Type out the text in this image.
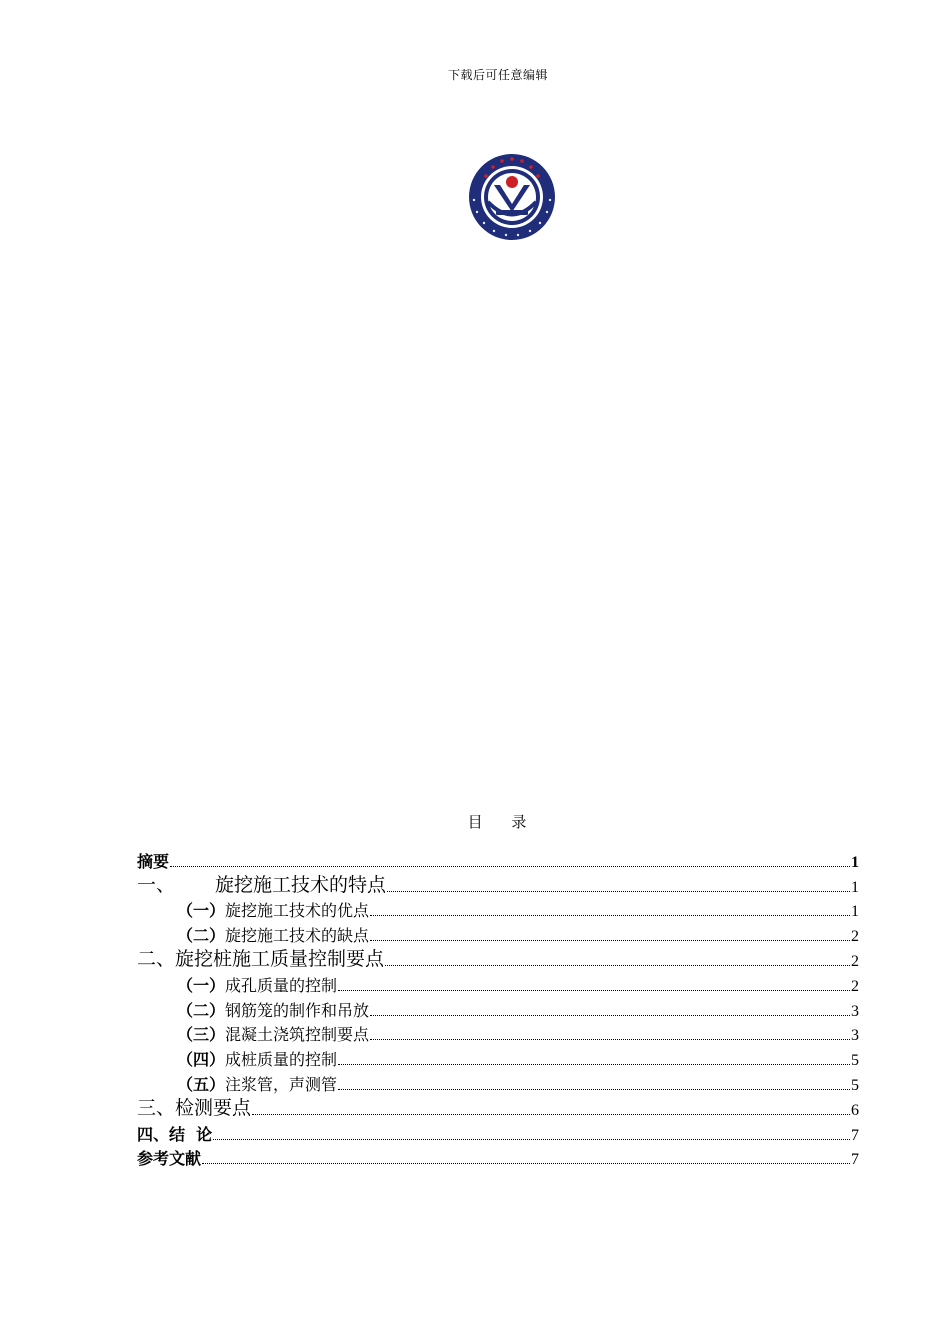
下载后可任意编辑
目 录
摘要	1
一、 旋挖施工技术的特点	1
（一）旋挖施工技术的优点	1
（二）旋挖施工技术的缺点	2
二、旋挖桩施工质量控制要点	2
（一）成孔质量的控制	2
（二）钢筋笼的制作和吊放	3
（三）混凝土浇筑控制要点	3
（四）成桩质量的控制	5
（五）注浆管，声测管	5
三、检测要点	6
四、结  论	7
参考文献	7
